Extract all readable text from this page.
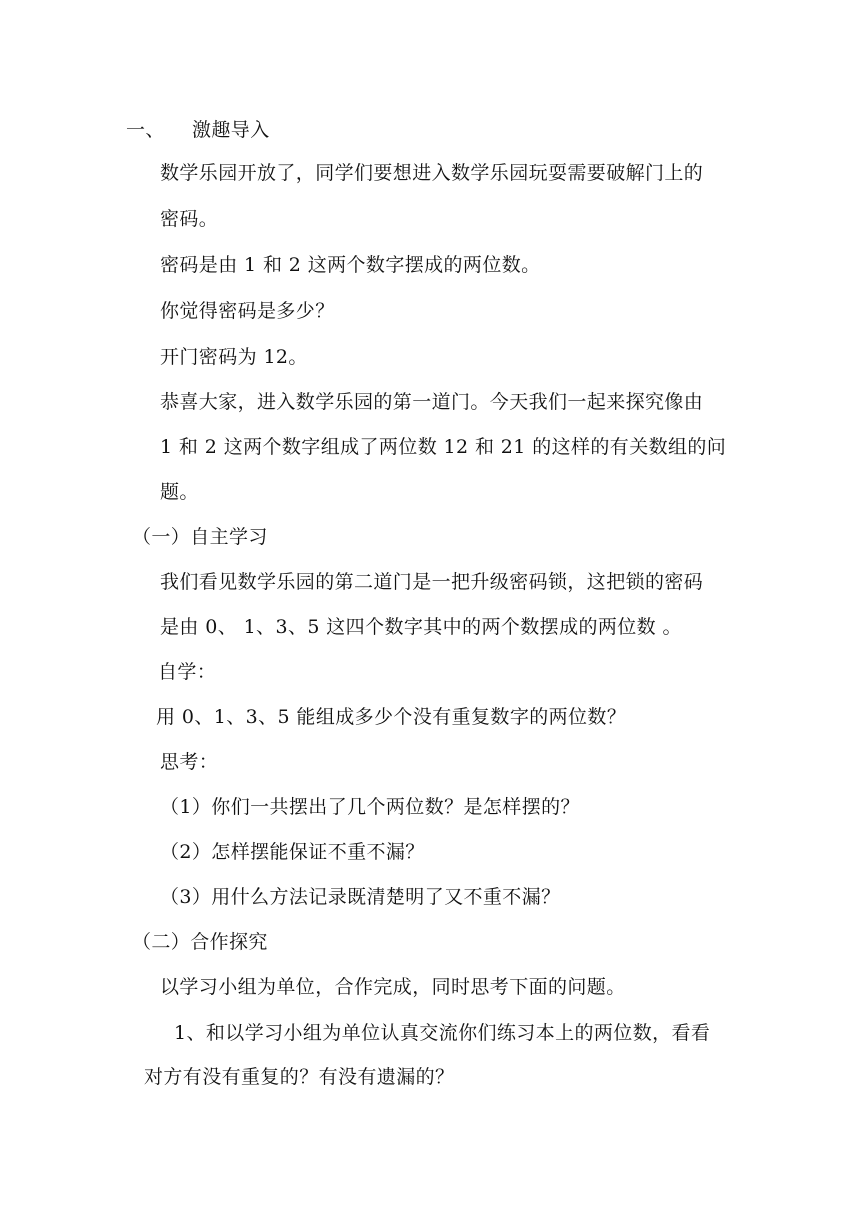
一、 激趣导入
数学乐园开放了，同学们要想进入数学乐园玩耍需要破解门上的
密码。
密码是由 1 和 2 这两个数字摆成的两位数。
你觉得密码是多少？
开门密码为 12。
恭喜大家，进入数学乐园的第一道门。今天我们一起来探究像由
1 和 2 这两个数字组成了两位数 12 和 21 的这样的有关数组的问
题。
（一）自主学习
我们看见数学乐园的第二道门是一把升级密码锁，这把锁的密码
是由 0、 1、3、5 这四个数字其中的两个数摆成的两位数 。
自学：
用 0、1、3、5 能组成多少个没有重复数字的两位数？
思考：
（1）你们一共摆出了几个两位数？是怎样摆的？
（2）怎样摆能保证不重不漏？
（3）用什么方法记录既清楚明了又不重不漏？
（二）合作探究
以学习小组为单位，合作完成，同时思考下面的问题。
1、和以学习小组为单位认真交流你们练习本上的两位数，看看
对方有没有重复的？有没有遗漏的？
